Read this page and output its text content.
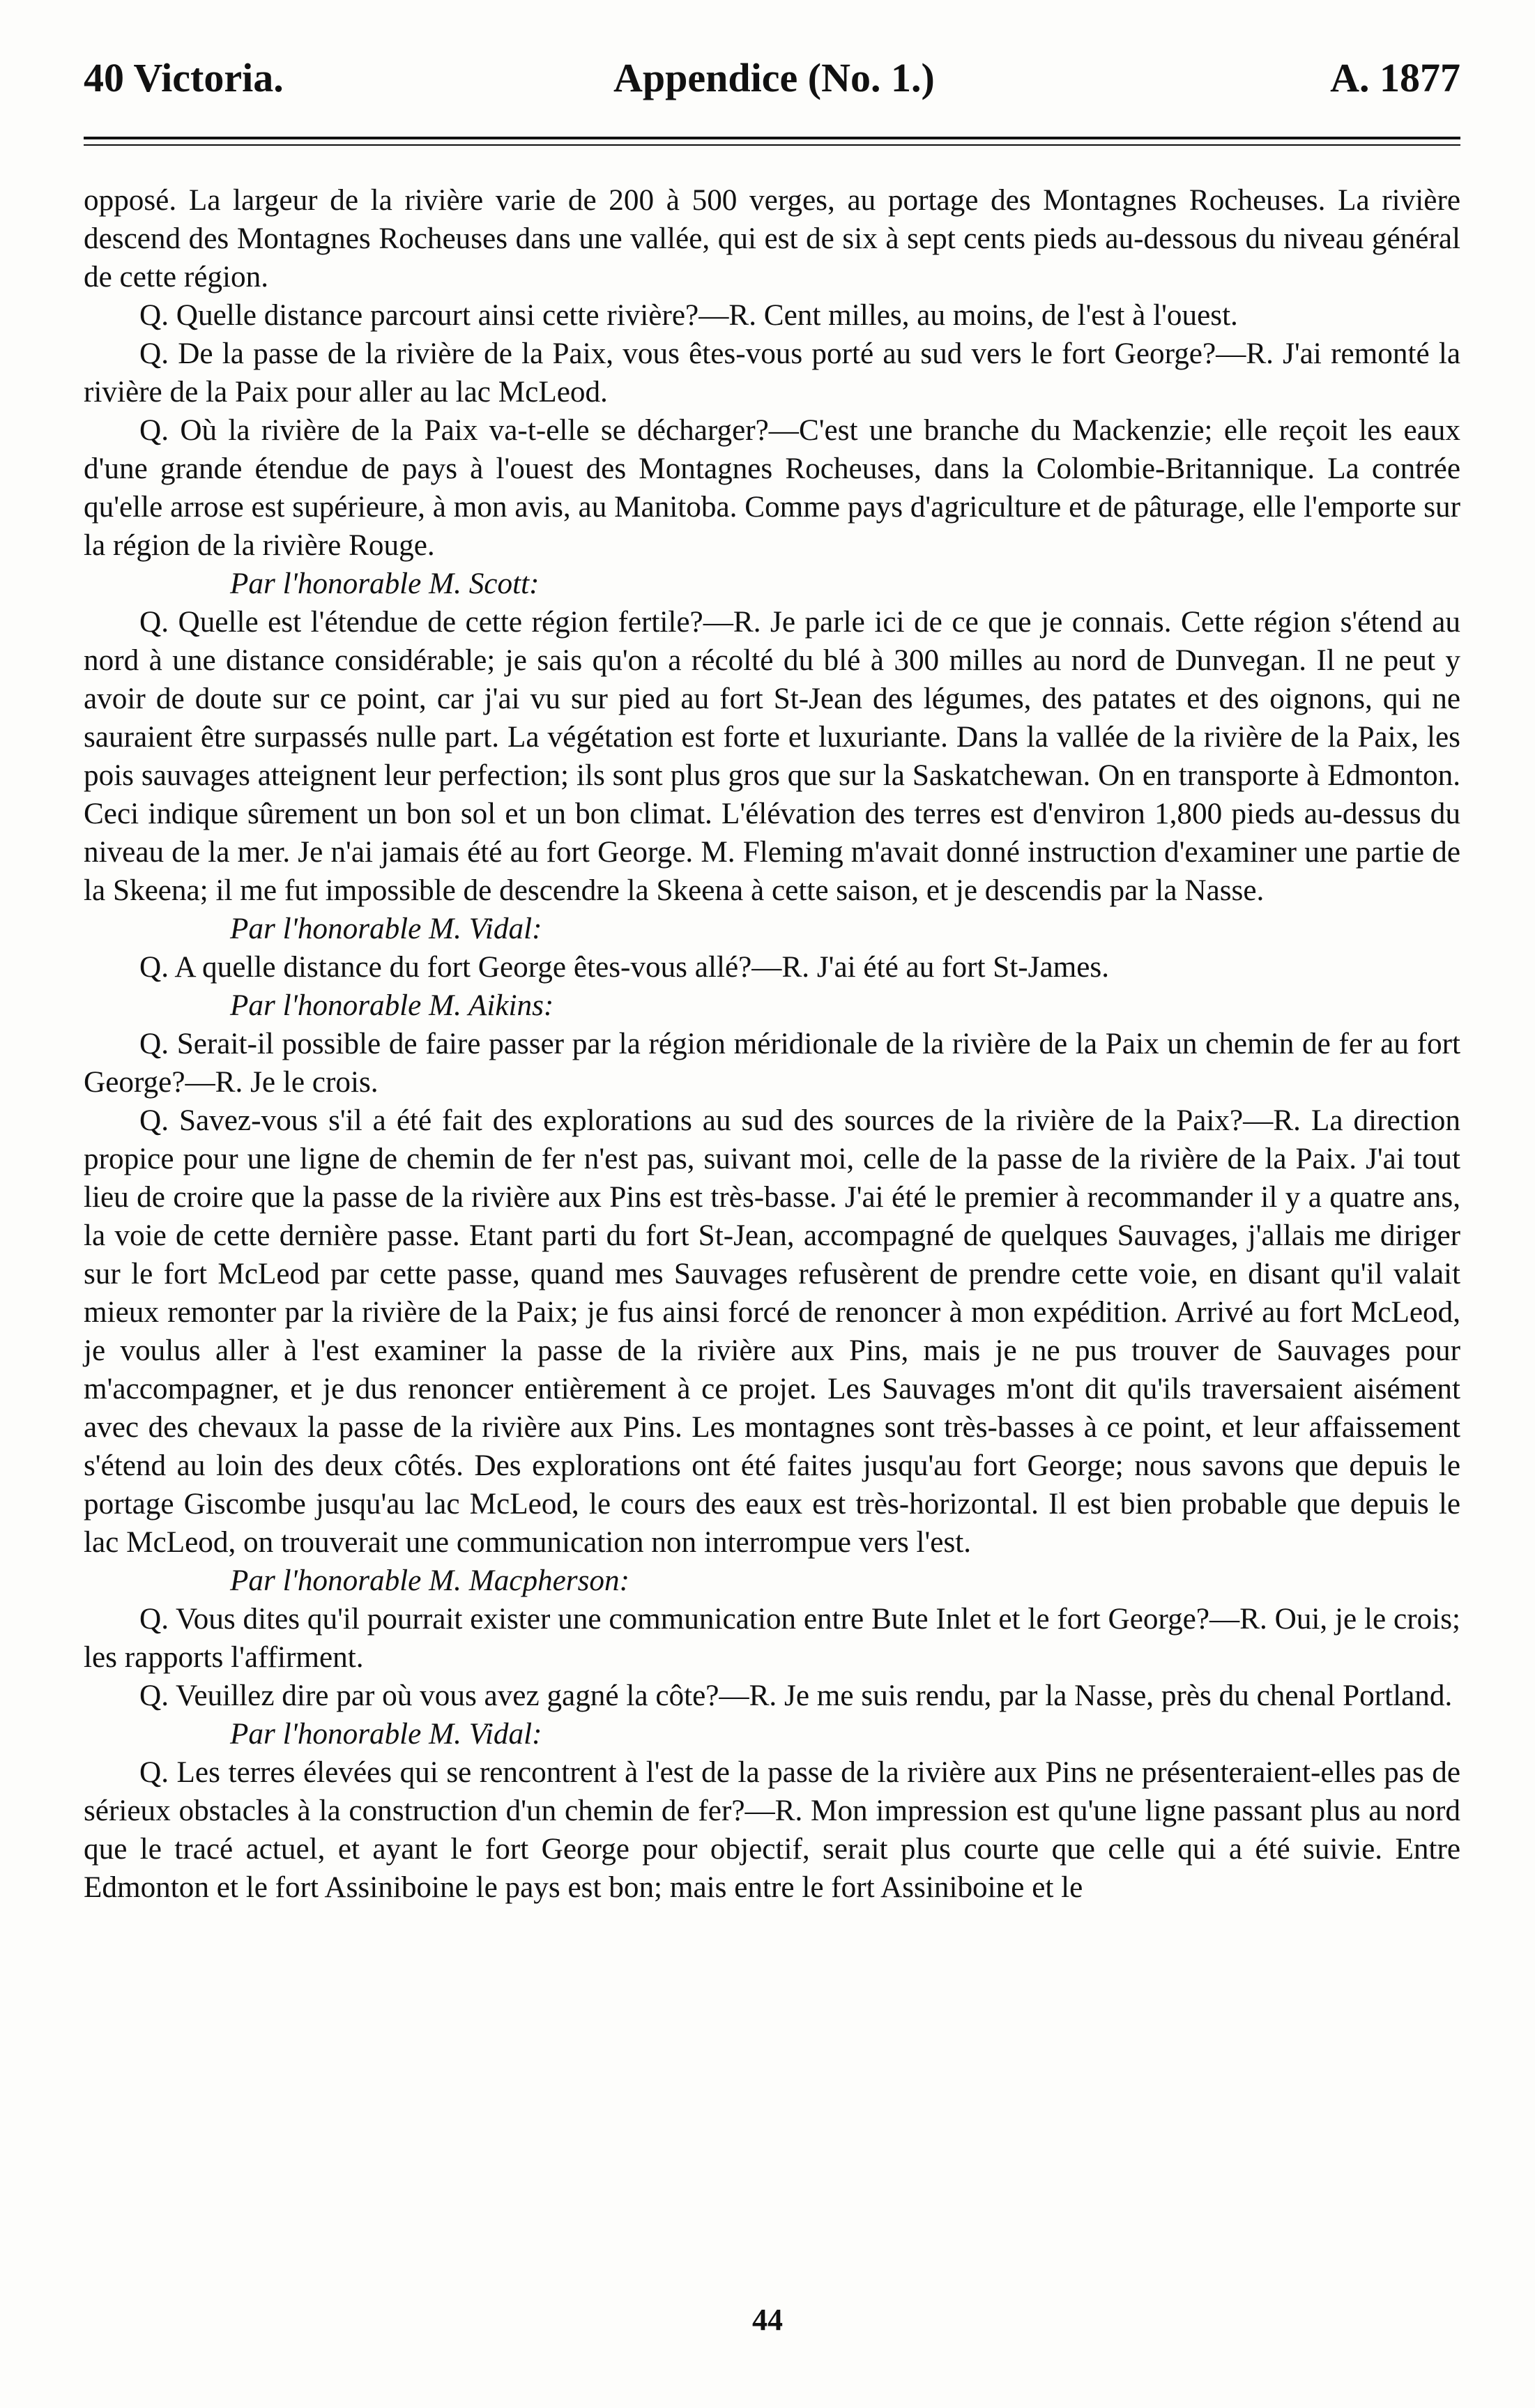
40 Victoria.	Appendice (No. 1.)	A. 1877

opposé. La largeur de la rivière varie de 200 à 500 verges, au portage des Montagnes Rocheuses. La rivière descend des Montagnes Rocheuses dans une vallée, qui est de six à sept cents pieds au-dessous du niveau général de cette région.

Q. Quelle distance parcourt ainsi cette rivière?—R. Cent milles, au moins, de l'est à l'ouest.

Q. De la passe de la rivière de la Paix, vous êtes-vous porté au sud vers le fort George?—R. J'ai remonté la rivière de la Paix pour aller au lac McLeod.

Q. Où la rivière de la Paix va-t-elle se décharger?—C'est une branche du Mackenzie; elle reçoit les eaux d'une grande étendue de pays à l'ouest des Montagnes Rocheuses, dans la Colombie-Britannique. La contrée qu'elle arrose est supérieure, à mon avis, au Manitoba. Comme pays d'agriculture et de pâturage, elle l'emporte sur la région de la rivière Rouge.

Par l'honorable M. Scott:

Q. Quelle est l'étendue de cette région fertile?—R. Je parle ici de ce que je connais. Cette région s'étend au nord à une distance considérable; je sais qu'on a récolté du blé à 300 milles au nord de Dunvegan. Il ne peut y avoir de doute sur ce point, car j'ai vu sur pied au fort St-Jean des légumes, des patates et des oignons, qui ne sauraient être surpassés nulle part. La végétation est forte et luxuriante. Dans la vallée de la rivière de la Paix, les pois sauvages atteignent leur perfection; ils sont plus gros que sur la Saskatchewan. On en transporte à Edmonton. Ceci indique sûrement un bon sol et un bon climat. L'élévation des terres est d'environ 1,800 pieds au-dessus du niveau de la mer. Je n'ai jamais été au fort George. M. Fleming m'avait donné instruction d'examiner une partie de la Skeena; il me fut impossible de descendre la Skeena à cette saison, et je descendis par la Nasse.

Par l'honorable M. Vidal:

Q. A quelle distance du fort George êtes-vous allé?—R. J'ai été au fort St-James.

Par l'honorable M. Aikins:

Q. Serait-il possible de faire passer par la région méridionale de la rivière de la Paix un chemin de fer au fort George?—R. Je le crois.

Q. Savez-vous s'il a été fait des explorations au sud des sources de la rivière de la Paix?—R. La direction propice pour une ligne de chemin de fer n'est pas, suivant moi, celle de la passe de la rivière de la Paix. J'ai tout lieu de croire que la passe de la rivière aux Pins est très-basse. J'ai été le premier à recommander il y a quatre ans, la voie de cette dernière passe. Etant parti du fort St-Jean, accompagné de quelques Sauvages, j'allais me diriger sur le fort McLeod par cette passe, quand mes Sauvages refusèrent de prendre cette voie, en disant qu'il valait mieux remonter par la rivière de la Paix; je fus ainsi forcé de renoncer à mon expédition. Arrivé au fort McLeod, je voulus aller à l'est examiner la passe de la rivière aux Pins, mais je ne pus trouver de Sauvages pour m'accompagner, et je dus renoncer entièrement à ce projet. Les Sauvages m'ont dit qu'ils traversaient aisément avec des chevaux la passe de la rivière aux Pins. Les montagnes sont très-basses à ce point, et leur affaissement s'étend au loin des deux côtés. Des explorations ont été faites jusqu'au fort George; nous savons que depuis le portage Giscombe jusqu'au lac McLeod, le cours des eaux est très-horizontal. Il est bien probable que depuis le lac McLeod, on trouverait une communication non interrompue vers l'est.

Par l'honorable M. Macpherson:

Q. Vous dites qu'il pourrait exister une communication entre Bute Inlet et le fort George?—R. Oui, je le crois; les rapports l'affirment.

Q. Veuillez dire par où vous avez gagné la côte?—R. Je me suis rendu, par la Nasse, près du chenal Portland.

Par l'honorable M. Vidal:

Q. Les terres élevées qui se rencontrent à l'est de la passe de la rivière aux Pins ne présenteraient-elles pas de sérieux obstacles à la construction d'un chemin de fer?—R. Mon impression est qu'une ligne passant plus au nord que le tracé actuel, et ayant le fort George pour objectif, serait plus courte que celle qui a été suivie. Entre Edmonton et le fort Assiniboine le pays est bon; mais entre le fort Assiniboine et le

44
